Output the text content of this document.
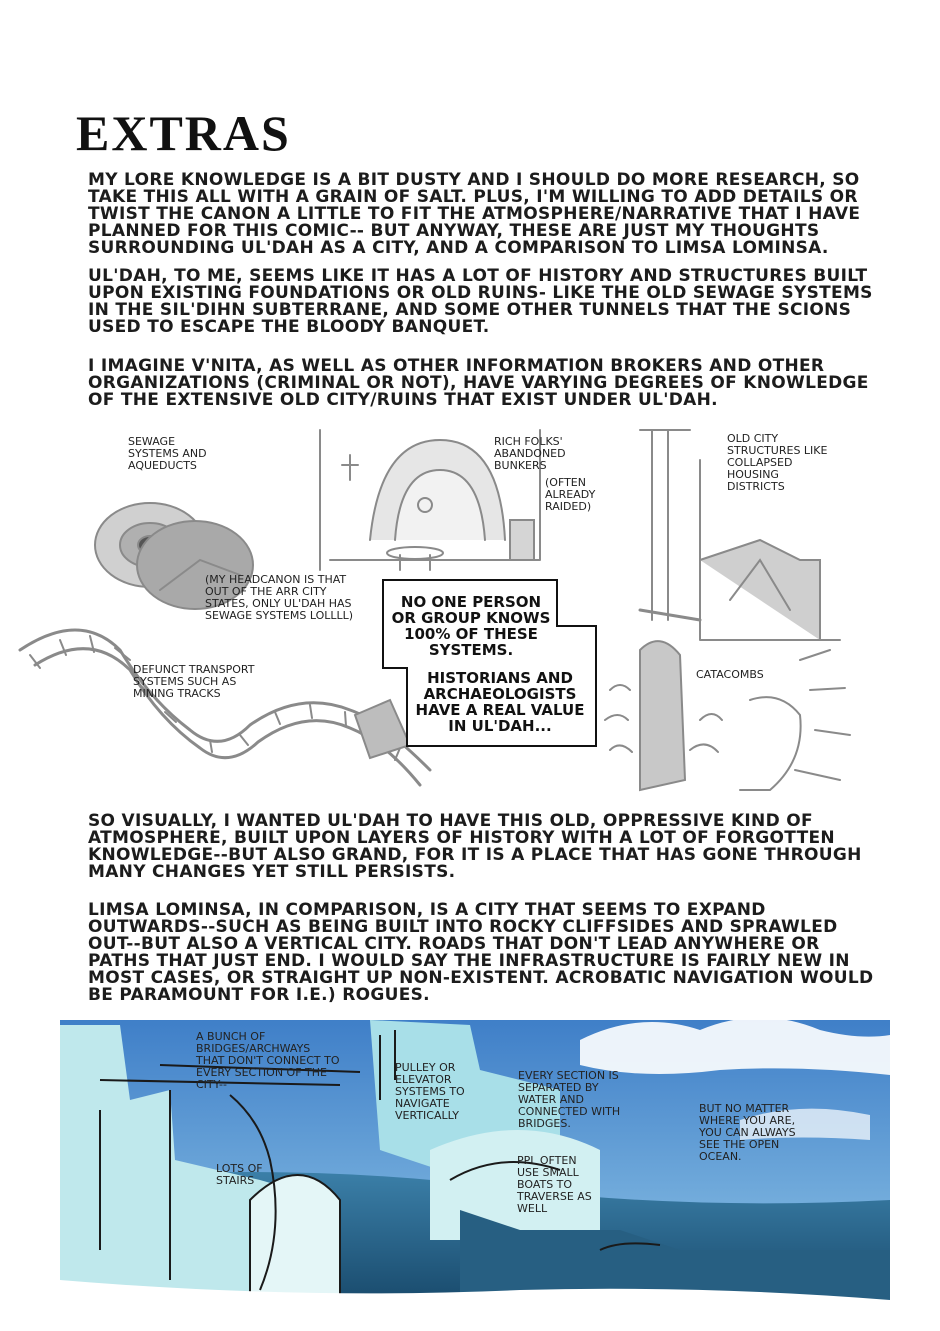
EXTRAS

MY LORE KNOWLEDGE IS A BIT DUSTY AND I SHOULD DO MORE RESEARCH, SO TAKE THIS ALL WITH A GRAIN OF SALT. PLUS, I'M WILLING TO ADD DETAILS OR TWIST THE CANON A LITTLE TO FIT THE ATMOSPHERE/NARRATIVE THAT I HAVE PLANNED FOR THIS COMIC-- BUT ANYWAY, THESE ARE JUST MY THOUGHTS SURROUNDING UL'DAH AS A CITY, AND A COMPARISON TO LIMSA LOMINSA.

UL'DAH, TO ME, SEEMS LIKE IT HAS A LOT OF HISTORY AND STRUCTURES BUILT UPON EXISTING FOUNDATIONS OR OLD RUINS- LIKE THE OLD SEWAGE SYSTEMS IN THE SIL'DIHN SUBTERRANE, AND SOME OTHER TUNNELS THAT THE SCIONS USED TO ESCAPE THE BLOODY BANQUET.

I IMAGINE V'NITA, AS WELL AS OTHER INFORMATION BROKERS AND OTHER ORGANIZATIONS (CRIMINAL OR NOT), HAVE VARYING DEGREES OF KNOWLEDGE OF THE EXTENSIVE OLD CITY/RUINS THAT EXIST UNDER UL'DAH.

SEWAGE SYSTEMS AND AQUEDUCTS

(MY HEADCANON IS THAT OUT OF THE ARR CITY STATES, ONLY UL'DAH HAS SEWAGE SYSTEMS LOLLLL)

RICH FOLKS' ABANDONED BUNKERS

(OFTEN ALREADY RAIDED)

OLD CITY STRUCTURES LIKE COLLAPSED HOUSING DISTRICTS

DEFUNCT TRANSPORT SYSTEMS SUCH AS MINING TRACKS

CATACOMBS

NO ONE PERSON OR GROUP KNOWS 100% OF THESE SYSTEMS.

HISTORIANS AND ARCHAEOLOGISTS HAVE A REAL VALUE IN UL'DAH...

SO VISUALLY, I WANTED UL'DAH TO HAVE THIS OLD, OPPRESSIVE KIND OF ATMOSPHERE, BUILT UPON LAYERS OF HISTORY WITH A LOT OF FORGOTTEN KNOWLEDGE--BUT ALSO GRAND, FOR IT IS A PLACE THAT HAS GONE THROUGH MANY CHANGES YET STILL PERSISTS.

LIMSA LOMINSA, IN COMPARISON, IS A CITY THAT SEEMS TO EXPAND OUTWARDS--SUCH AS BEING BUILT INTO ROCKY CLIFFSIDES AND SPRAWLED OUT--BUT ALSO A VERTICAL CITY. ROADS THAT DON'T LEAD ANYWHERE OR PATHS THAT JUST END. I WOULD SAY THE INFRASTRUCTURE IS FAIRLY NEW IN MOST CASES, OR STRAIGHT UP NON-EXISTENT. ACROBATIC NAVIGATION WOULD BE PARAMOUNT FOR I.E.) ROGUES.

A BUNCH OF BRIDGES/ARCHWAYS THAT DON'T CONNECT TO EVERY SECTION OF THE CITY--

PULLEY OR ELEVATOR SYSTEMS TO NAVIGATE VERTICALLY

EVERY SECTION IS SEPARATED BY WATER AND CONNECTED WITH BRIDGES.

BUT NO MATTER WHERE YOU ARE, YOU CAN ALWAYS SEE THE OPEN OCEAN.

LOTS OF STAIRS

PPL OFTEN USE SMALL BOATS TO TRAVERSE AS WELL
